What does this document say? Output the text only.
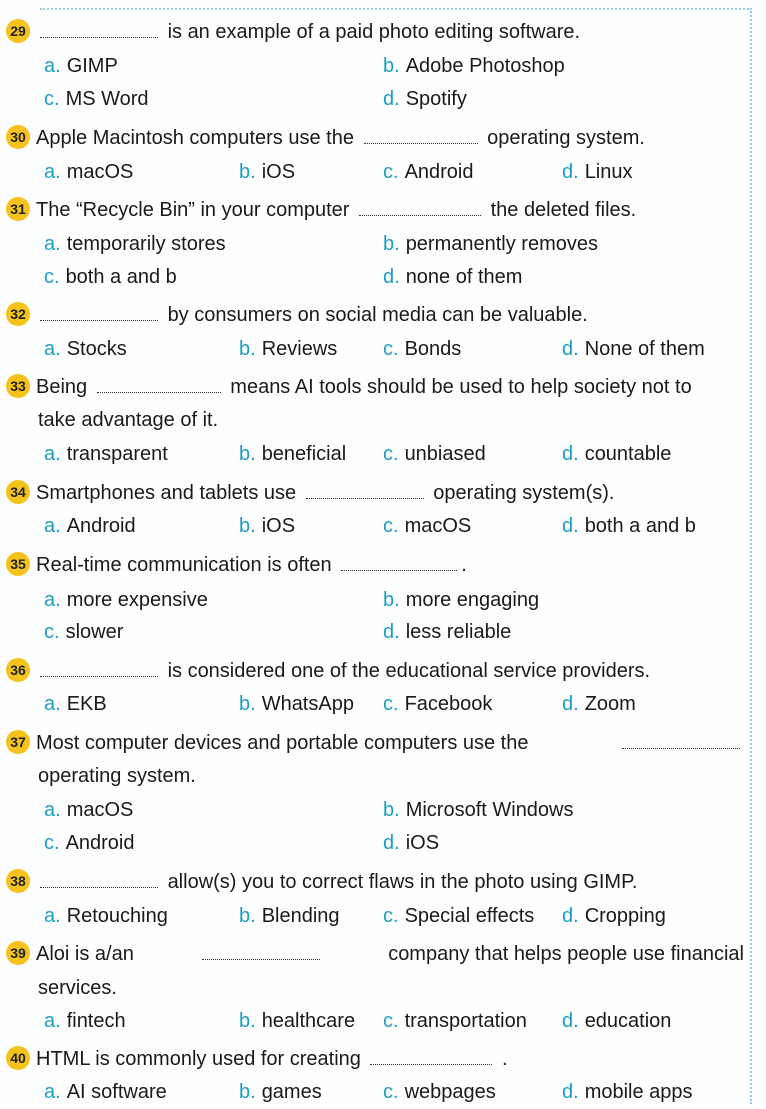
29	is an example of a paid photo editing software.
a. GIMP	b. Adobe Photoshop
c. MS Word	d. Spotify
30 Apple Macintosh computers use the	operating system.
a. macOS	b. iOS	c. Android	d. Linux
31 The “Recycle Bin” in your computer	the deleted files.
a. temporarily stores	b. permanently removes
c. both a and b	d. none of them
32	by consumers on social media can be valuable.
a. Stocks	b. Reviews c. Bonds	d. None of them
33 Being	means AI tools should be used to help society not to
take advantage of it.
a. transparent	b. beneficial c. unbiased	d. countable
34 Smartphones and tablets use	operating system(s).
a. Android	b. iOS	c. macOS	d. both a and b
35 Real-time communication is often	.
a. more expensive	b. more engaging
c. slower	d. less reliable
36	is considered one of the educational service providers.
a. EKB	b. WhatsApp c. Facebook	d. Zoom
37 Most computer devices and portable computers use the
operating system.
a. macOS	b. Microsoft Windows
c. Android	d. iOS
38	allow(s) you to correct flaws in the photo using GIMP.
a. Retouching	b. Blending c. Special effects d. Cropping
39 Aloi is a/an	company that helps people use financial
services.
a. fintech	b. healthcare c. transportation d. education
40 HTML is commonly used for creating	.
a. AI software	b. games	c. webpages	d. mobile apps
